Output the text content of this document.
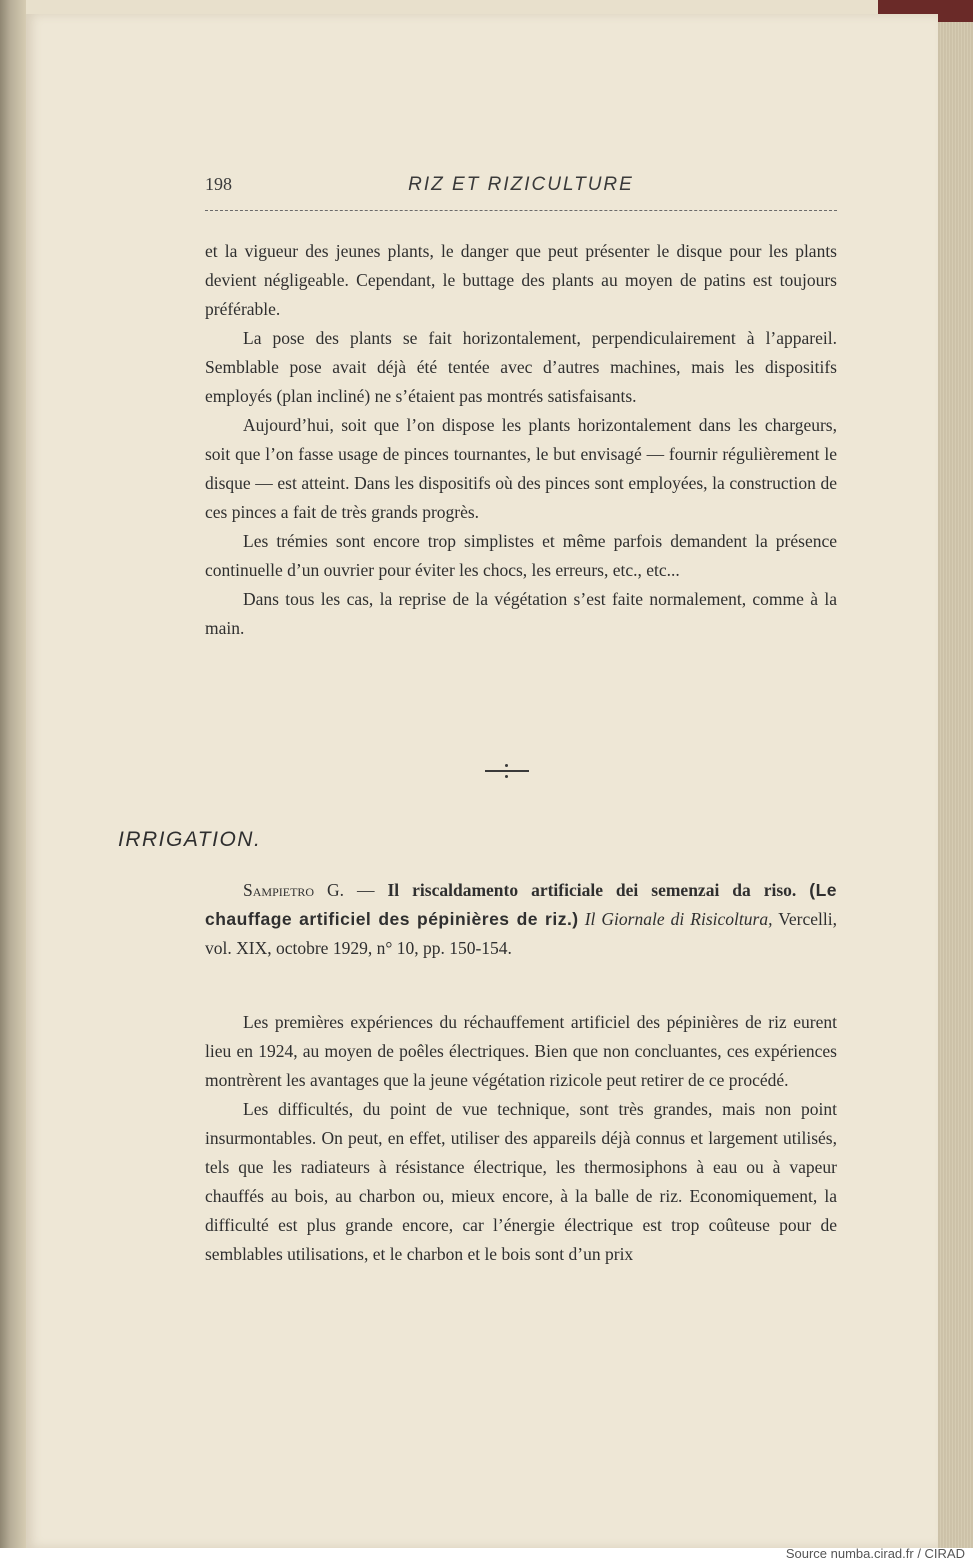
198	RIZ ET RIZICULTURE

et la vigueur des jeunes plants, le danger que peut présenter le disque pour les plants devient négligeable. Cependant, le buttage des plants au moyen de patins est toujours préférable.

La pose des plants se fait horizontalement, perpendiculairement à l’appareil. Semblable pose avait déjà été tentée avec d’autres machines, mais les dispositifs employés (plan incliné) ne s’étaient pas montrés satisfaisants.

Aujourd’hui, soit que l’on dispose les plants horizontalement dans les chargeurs, soit que l’on fasse usage de pinces tournantes, le but envisagé — fournir régulièrement le disque — est atteint. Dans les dispositifs où des pinces sont employées, la construction de ces pinces a fait de très grands progrès.

Les trémies sont encore trop simplistes et même parfois demandent la présence continuelle d’un ouvrier pour éviter les chocs, les erreurs, etc., etc...

Dans tous les cas, la reprise de la végétation s’est faite normalement, comme à la main.

IRRIGATION.

Sampietro G. — Il riscaldamento artificiale dei semenzai da riso. (Le chauffage artificiel des pépinières de riz.) Il Giornale di Risicoltura, Vercelli, vol. XIX, octobre 1929, n° 10, pp. 150-154.

Les premières expériences du réchauffement artificiel des pépinières de riz eurent lieu en 1924, au moyen de poêles électriques. Bien que non concluantes, ces expériences montrèrent les avantages que la jeune végétation rizicole peut retirer de ce procédé.

Les difficultés, du point de vue technique, sont très grandes, mais non point insurmontables. On peut, en effet, utiliser des appareils déjà connus et largement utilisés, tels que les radiateurs à résistance électrique, les thermosiphons à eau ou à vapeur chauffés au bois, au charbon ou, mieux encore, à la balle de riz. Economiquement, la difficulté est plus grande encore, car l’énergie électrique est trop coûteuse pour de semblables utilisations, et le charbon et le bois sont d’un prix

Source numba.cirad.fr / CIRAD
